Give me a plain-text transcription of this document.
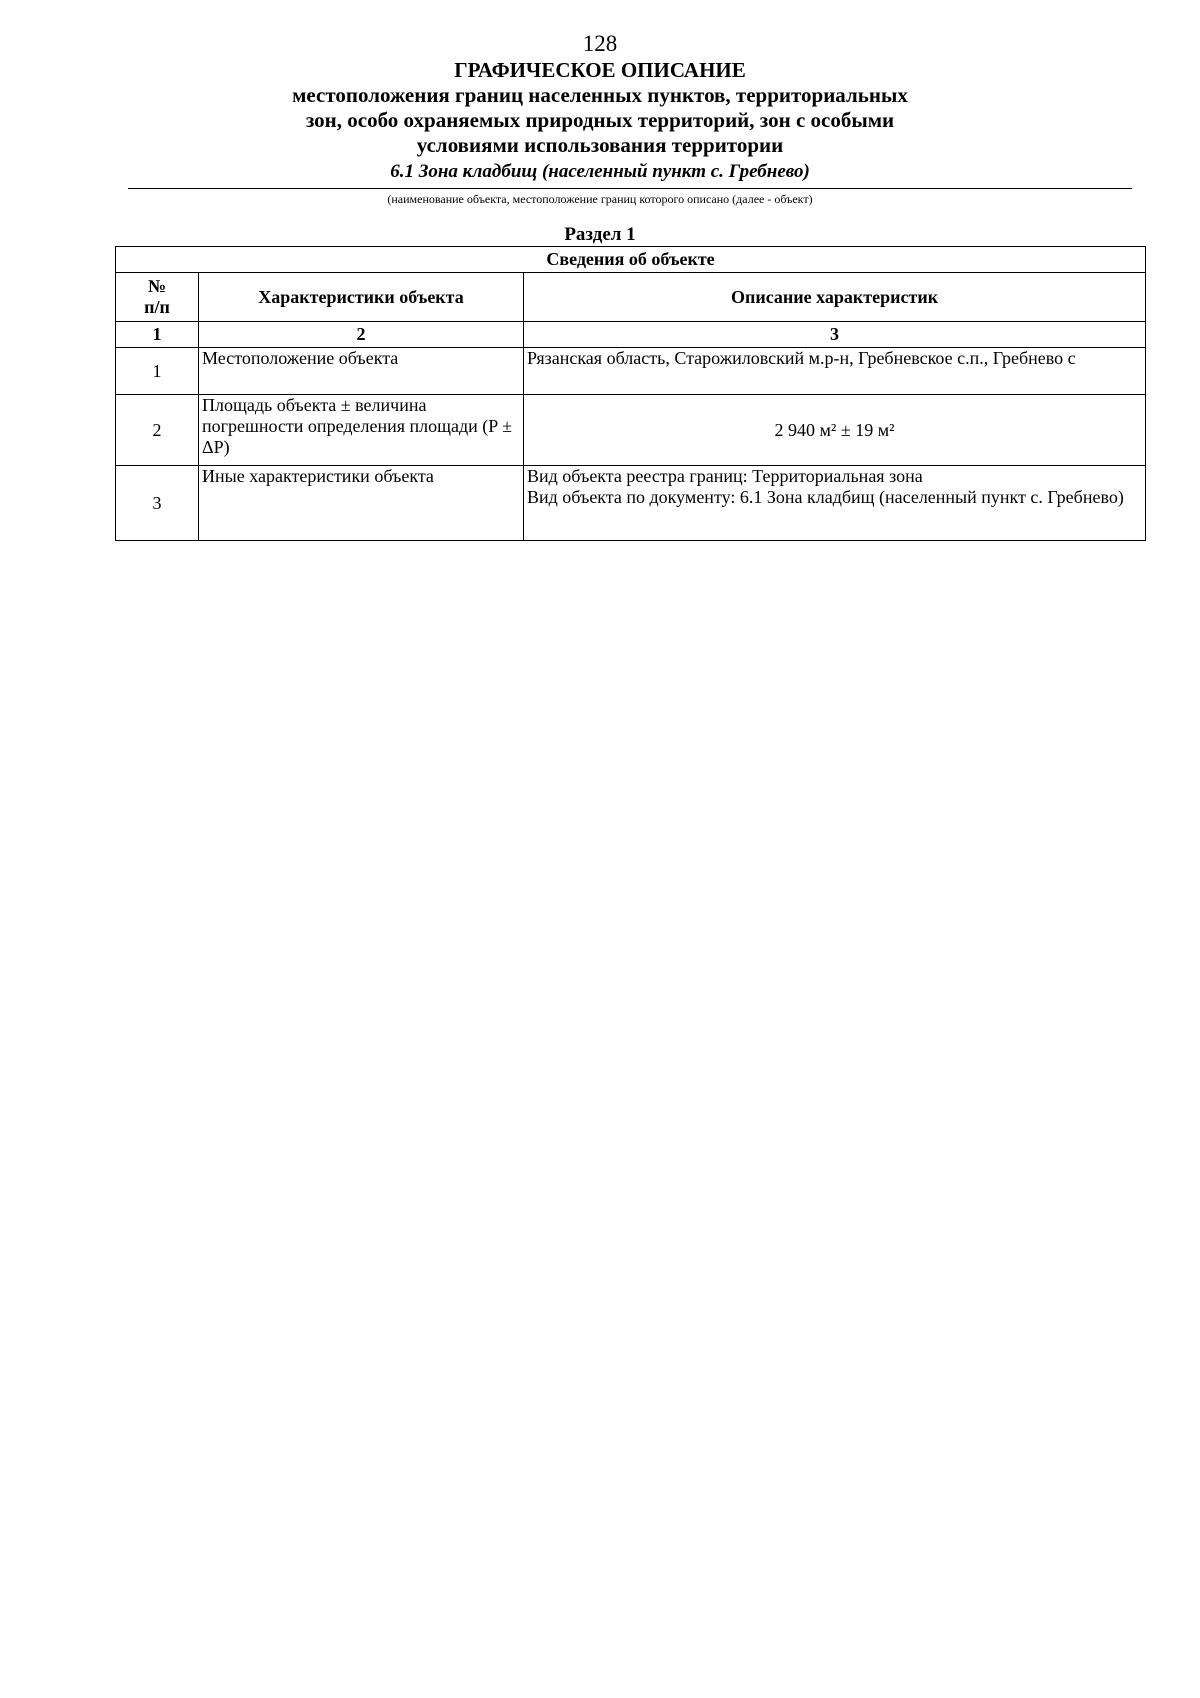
128
ГРАФИЧЕСКОЕ ОПИСАНИЕ
местоположения границ населенных пунктов, территориальных
зон, особо охраняемых природных территорий, зон с особыми
условиями использования территории
6.1 Зона кладбищ (населенный пункт с. Гребнево)
(наименование объекта, местоположение границ которого описано (далее - объект)
Раздел 1
Сведения об объекте		

№
п/п	Характеристики объекта	Описание характеристик
1	2	3
1	Местоположение объекта	Рязанская область, Старожиловский м.р-н, Гребневское с.п., Гребнево с
2	Площадь объекта ± величина погрешности определения площади (P ± ΔР)	2 940 м² ± 19 м²
3	Иные характеристики объекта	Вид объекта реестра границ: Территориальная зона
Вид объекта по документу: 6.1 Зона кладбищ (населенный пункт с. Гребнево)
